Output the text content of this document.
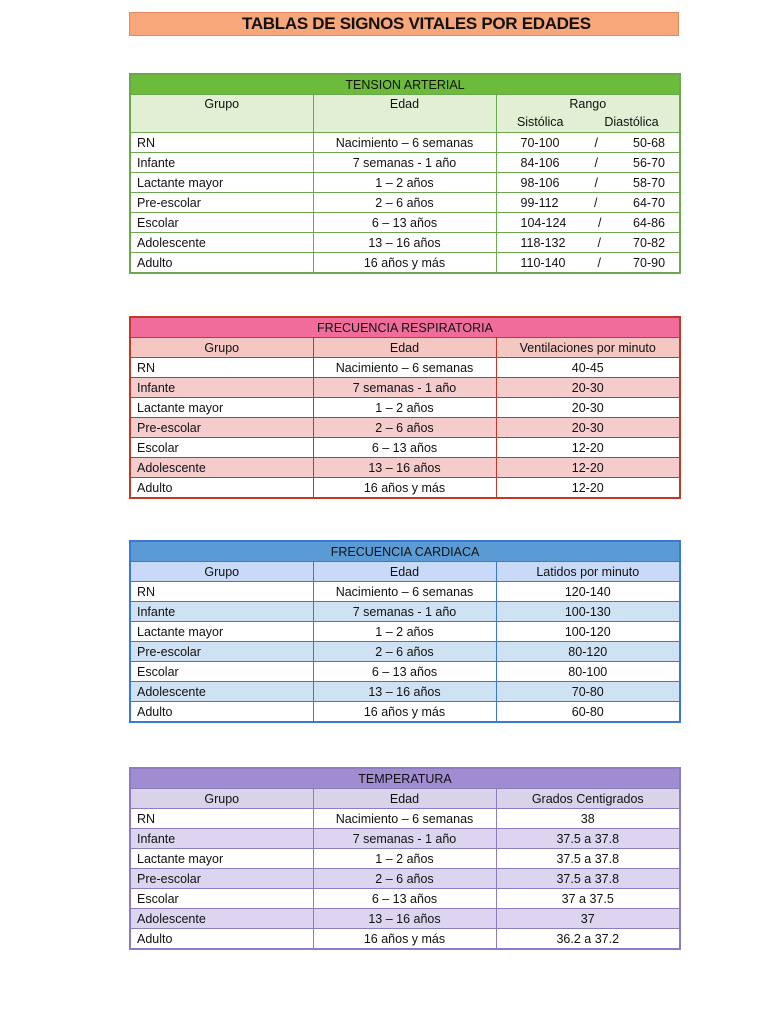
TABLAS DE SIGNOS VITALES POR EDADES
TENSION ARTERIAL		
Grupo	Edad	Rango
Sistólica Diastólica

RN	Nacimiento – 6 semanas	70-100 / 50-68

Infante	7 semanas - 1 año	84-106 / 56-70

Lactante mayor	1 – 2 años	98-106 / 58-70

Pre-escolar	2 – 6 años	99-112 / 64-70

Escolar	6 – 13 años	104-124 / 64-86

Adolescente	13 – 16 años	118-132 / 70-82

Adulto	16 años y más	110-140 / 70-90
FRECUENCIA RESPIRATORIA		
Grupo	Edad	Ventilaciones por minuto
RN	Nacimiento – 6 semanas	40-45
Infante	7 semanas - 1 año	20-30
Lactante mayor	1 – 2 años	20-30
Pre-escolar	2 – 6 años	20-30
Escolar	6 – 13 años	12-20
Adolescente	13 – 16 años	12-20
Adulto	16 años y más	12-20
FRECUENCIA CARDIACA		
Grupo	Edad	Latidos por minuto
RN	Nacimiento – 6 semanas	120-140
Infante	7 semanas - 1 año	100-130
Lactante mayor	1 – 2 años	100-120
Pre-escolar	2 – 6 años	80-120
Escolar	6 – 13 años	80-100
Adolescente	13 – 16 años	70-80
Adulto	16 años y más	60-80
TEMPERATURA		
Grupo	Edad	Grados Centigrados
RN	Nacimiento – 6 semanas	38
Infante	7 semanas - 1 año	37.5 a 37.8
Lactante mayor	1 – 2 años	37.5 a 37.8
Pre-escolar	2 – 6 años	37.5 a 37.8
Escolar	6 – 13 años	37 a 37.5
Adolescente	13 – 16 años	37
Adulto	16 años y más	36.2 a 37.2
